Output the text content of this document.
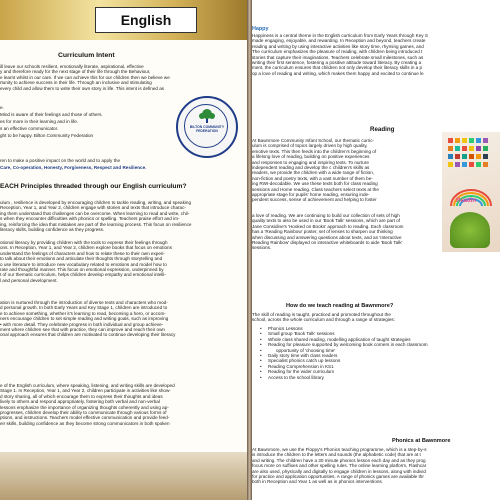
English
Curriculum Intent
ill leave our schools resilient, emotionally literate, aspirational, effective
y and therefore ready for the next stage of their life through the Behaviour,
e learnt whilst in our care. If we can achieve this for our children then we believe we
rtunity to achieve success in their life. Through an inclusive and stimulating
every child and allow them to write their own story in life. This intent is defined as
e.
Mind is aware of their feelings and those of others.
es for more in their learning and in life.
s an effective communicator.
ght to be happy. Bilton Community Federation
BILTON COMMUNITY FEDERATION
ren to make a positive impact on the world and to apply the
Care, Co-operation, Honesty, Forgiveness, Respect and Resilience.
EACH Principles threaded through our English curriculum?
ulum , resilience is developed by encouraging children to tackle reading, writing, and speaking
Reception, Year 1, and Year 2, children engage with stories and texts that introduce charac-
ing them understand that challenges can be overcome. When learning to read and write, chil-
s when they encounter difficulties with phonics or spelling. Teachers praise effort and im-
ing, reinforcing the idea that mistakes are part of the learning process. This focus on resilience
literacy skills, building confidence as they progress.
otional literacy by providing children with the tools to express their feelings through
ons. In Reception, Year 1, and Year 2, children explore books that focus on emotions
understand the feelings of characters and how to relate these to their own experi-
to talk about their emotions and articulate their thoughts through storytelling and
o use literature to introduce new vocabulary related to emotions and model how to
rate and thoughtful manner. This focus on emotional expression, underpinned by
t of our thematic curriculum, helps children develop empathy and emotional intelli-
l and personal development.
ation is nurtured through the introduction of diverse texts and characters who mod-
d personal growth. In both Early Years and Key Stage 1, children are introduced to
e to achieve something, whether it's learning to read, becoming a hero, or accom-
ners encourage children to set simple reading and writing goals, such as improving
• with more detail. They celebrate progress in both individual and group achieve-
ment where children see that with practice, they can improve and reach their own
onal approach ensures that children are motivated to continue developing their literacy
e of the English curriculum, where speaking, listening, and writing skills are developed
Stage 1. In Reception, Year 1, and Year 2, children participate in activities like show-
d story sharing, all of which encourage them to express their thoughts and ideas
lively to others and respond appropriately, fostering both verbal and non-verbal
lessons emphasize the importance of organizing thoughts coherently and using ap-
progresses, children develop their ability to communicate through various forms of
ptions, and instructions. Teachers model effective communication and provide feed-
eir skills, building confidence as they become strong communicators in both spoken
Happy
Happiness is a central theme in the English curriculum from Early Years through Key S
made engaging, enjoyable, and rewarding. In Reception and beyond, teachers create
reading and writing by using interactive activities like story time, rhyming games, and
The curriculum emphasizes the pleasure of reading, with children being introduced t
stories that capture their imaginations. Teachers celebrate small milestones, such as
writing their first sentence, fostering a positive attitude toward literacy. By creating a
ment, the curriculum ensures that children not only develop their literacy skills in a p
op a love of reading and writing, which makes them happy and excited to continue le
Reading
At Bawnmore Community Infant School, our thematic curric-
ulum is comprised of topics largely driven by high quality,
emotive texts. This then feeds into the children's beginning of
a lifelong love of reading, building on positive experiences
and responses to engaging and inspiring texts. To nurture
independent reading and develop the c children's skills as
readers, we provide the children with a wide range of fiction,
non-fiction and poetry texts, with a vast number of them be-
ing RWI-decodable. We use these texts both for class reading
sessions and Home reading. Class teachers select texts at the
appropriate stage for pupils' home reading, ensuring inde-
pendent success, sense of achievement and helping to foster
a love of reading. We are continuing to build our collection of sets of high
quality texts to also be used in our 'Book Talk' sessions, which are part of
Jane Considine's 'Hooked on Books' approach to reading. Each classroom
has a 'Reading Rainbow' poster, set of lenses to sharpen our thinking
when discussing and answering questions about texts, and an 'Interactive
Reading Rainbow' displayed on interactive whiteboards to aide 'Book Talk'
sessions.
Readin
How do we teach reading at Bawnmore?
The skill of reading is taught, practiced and promoted throughout the
school, across the whole curriculum and through a range of strategies:
• Phonics Lessons
• Small group 'Book Talk' sessions
• Whole class shared reading, modelling application of taught strategies
• Reading for pleasure supported by welcoming book corners in each classroom
• opportunity of 'choosing time'
• Daily story time with class readers
• Specialist phonics catch up lessons
• Reading Comprehension in KS1
• Reading for the wider curriculum
• Access to the school library
Phonics at Bawnmore
At Bawnmore, we use the Floppy's Phonics teaching programme, which is a step-by-s
is introduce the children to the letters and sounds (the alphabetic code) that are at t
and writing. The children have a 30 minute phonics lesson each day and as they prog
focus more on suffixes and other spelling rules. The online learning platform, Flashcar
are also used, physically and digitally to engage children in lessons, along with individ
for practice and application opportunities. A range of phonics games are available thr
both in Reception and Year 1 as well as in phonics interventions.
